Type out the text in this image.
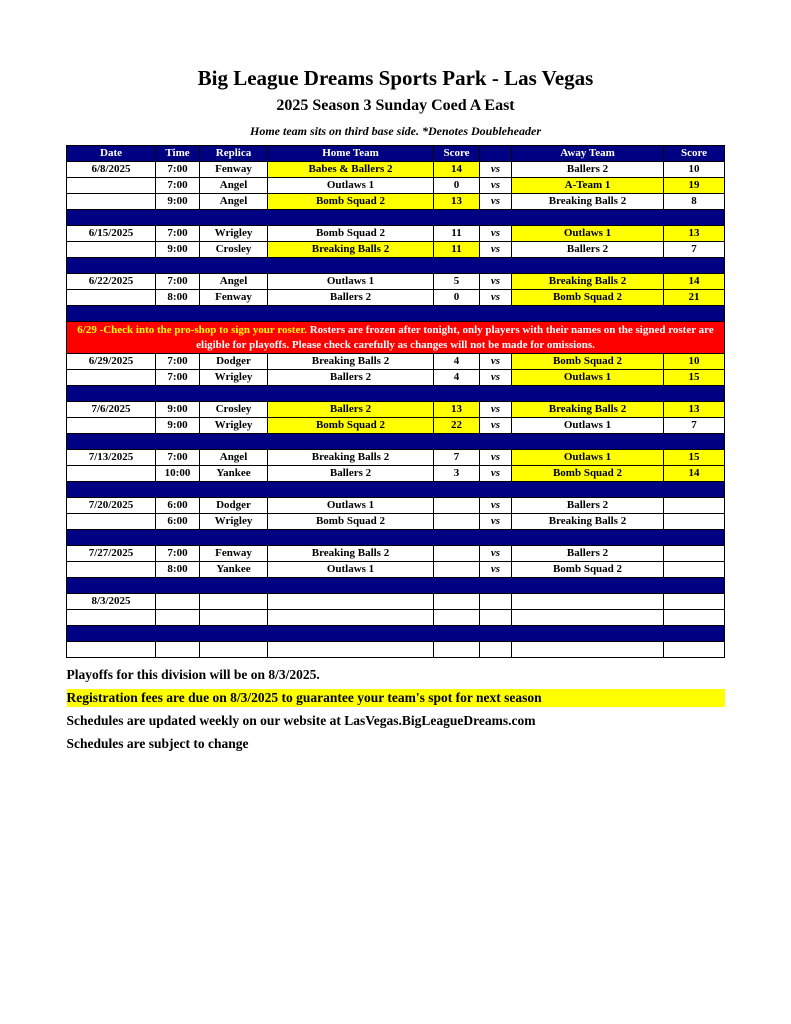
Big League Dreams Sports Park - Las Vegas
2025 Season 3 Sunday Coed A East
Home team sits on third base side. *Denotes Doubleheader
Date	Time	Replica	Home Team	Score		Away Team	Score
6/8/2025	7:00	Fenway	Babes & Ballers 2	14	vs	Ballers 2	10
	7:00	Angel	Outlaws 1	0	vs	A-Team 1	19
	9:00	Angel	Bomb Squad 2	13	vs	Breaking Balls 2	8

6/15/2025	7:00	Wrigley	Bomb Squad 2	11	vs	Outlaws 1	13
	9:00	Crosley	Breaking Balls 2	11	vs	Ballers 2	7

6/22/2025	7:00	Angel	Outlaws 1	5	vs	Breaking Balls 2	14
	8:00	Fenway	Ballers 2	0	vs	Bomb Squad 2	21

6/29 -Check into the pro-shop to sign your roster. Rosters are frozen after tonight, only players with their names on the signed roster are eligible for playoffs. Please check carefully as changes will not be made for omissions.							
6/29/2025	7:00	Dodger	Breaking Balls 2	4	vs	Bomb Squad 2	10
	7:00	Wrigley	Ballers 2	4	vs	Outlaws 1	15

7/6/2025	9:00	Crosley	Ballers 2	13	vs	Breaking Balls 2	13
	9:00	Wrigley	Bomb Squad 2	22	vs	Outlaws 1	7

7/13/2025	7:00	Angel	Breaking Balls 2	7	vs	Outlaws 1	15
	10:00	Yankee	Ballers 2	3	vs	Bomb Squad 2	14

7/20/2025	6:00	Dodger	Outlaws 1		vs	Ballers 2	
	6:00	Wrigley	Bomb Squad 2		vs	Breaking Balls 2	

7/27/2025	7:00	Fenway	Breaking Balls 2		vs	Ballers 2	
	8:00	Yankee	Outlaws 1		vs	Bomb Squad 2	

8/3/2025							

Playoffs for this division will be on 8/3/2025.
Registration fees are due on 8/3/2025 to guarantee your team's spot for next season
Schedules are updated weekly on our website at LasVegas.BigLeagueDreams.com
Schedules are subject to change
